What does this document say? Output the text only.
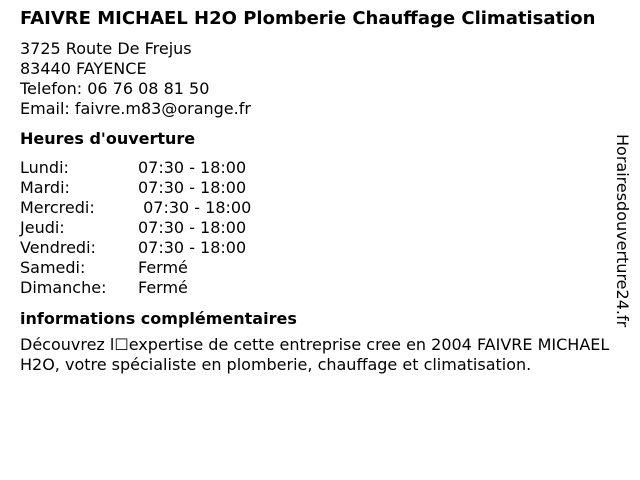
FAIVRE MICHAEL H2O Plomberie Chauffage Climatisation
3725 Route De Frejus
83440 FAYENCE
Telefon: 06 76 08 81 50
Email: faivre.m83@orange.fr
Heures d'ouverture
Lundi:	07:30 - 18:00
Mardi:	07:30 - 18:00
Mercredi:	07:30 - 18:00
Jeudi:	07:30 - 18:00
Vendredi:	07:30 - 18:00
Samedi:	Fermé
Dimanche:	Fermé
informations complémentaires
Découvrez l☐expertise de cette entreprise cree en 2004 FAIVRE MICHAEL H2O, votre spécialiste en plomberie, chauffage et climatisation.
Horairesdouverture24.fr
